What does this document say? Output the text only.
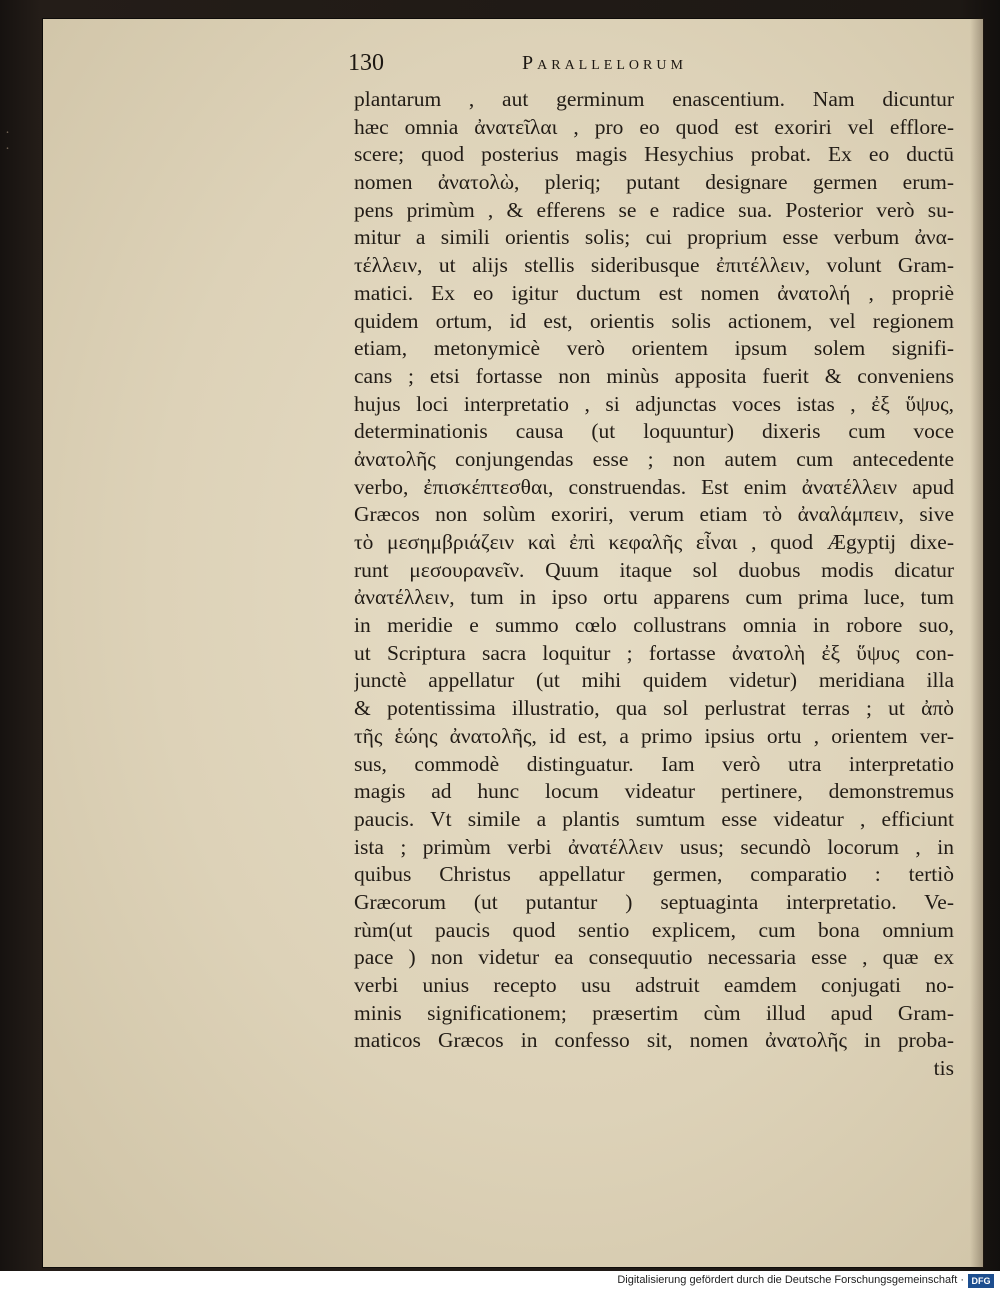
˙ ˙
130	Parallelorum
plantarum , aut germinum enascentium. Nam dicuntur
hæc omnia ἀνατεῖλαι , pro eo quod est exoriri vel efflore-
scere; quod posterius magis Hesychius probat. Ex eo ductū
nomen ἀνατολὼ, pleriq; putant designare germen erum-
pens primùm , & efferens se e radice sua. Posterior verò su-
mitur a simili orientis solis; cui proprium esse verbum ἀνα-
τέλλειν, ut alijs stellis sideribusque ἐπιτέλλειν, volunt Gram-
matici. Ex eo igitur ductum est nomen ἀνατολή , propriè
quidem ortum, id est, orientis solis actionem, vel regionem
etiam, metonymicè verò orientem ipsum solem signifi-
cans ; etsi fortasse non minùs apposita fuerit & conveniens
hujus loci interpretatio , si adjunctas voces istas , ἐξ ὕψυς,
determinationis causa (ut loquuntur) dixeris cum voce
ἀνατολῆς conjungendas esse ; non autem cum antecedente
verbo, ἐπισκέπτεσθαι, construendas. Est enim ἀνατέλλειν apud
Græcos non solùm exoriri, verum etiam τὸ ἀναλάμπειν, sive
τὸ μεσημβριάζειν καὶ ἐπὶ κεφαλῆς εἶναι , quod Ægyptij dixe-
runt μεσουρανεῖν. Quum itaque sol duobus modis dicatur
ἀνατέλλειν, tum in ipso ortu apparens cum prima luce, tum
in meridie e summo cœlo collustrans omnia in robore suo,
ut Scriptura sacra loquitur ; fortasse ἀνατολὴ ἐξ ὕψυς con-
junctè appellatur (ut mihi quidem videtur) meridiana illa
& potentissima illustratio, qua sol perlustrat terras ; ut ἀπὸ
τῆς ἑώης ἀνατολῆς, id est, a primo ipsius ortu , orientem ver-
sus, commodè distinguatur. Iam verò utra interpretatio
magis ad hunc locum videatur pertinere, demonstremus
paucis. Vt simile a plantis sumtum esse videatur , efficiunt
ista ; primùm verbi ἀνατέλλειν usus; secundò locorum , in
quibus Christus appellatur germen, comparatio : tertiò
Græcorum (ut putantur ) septuaginta interpretatio. Ve-
rùm(ut paucis quod sentio explicem, cum bona omnium
pace ) non videtur ea consequutio necessaria esse , quæ ex
verbi unius recepto usu adstruit eamdem conjugati no-
minis significationem; præsertim cùm illud apud Gram-
maticos Græcos in confesso sit, nomen ἀνατολῆς in proba-
tis
Digitalisierung gefördert durch die Deutsche Forschungsgemeinschaft · DFG
